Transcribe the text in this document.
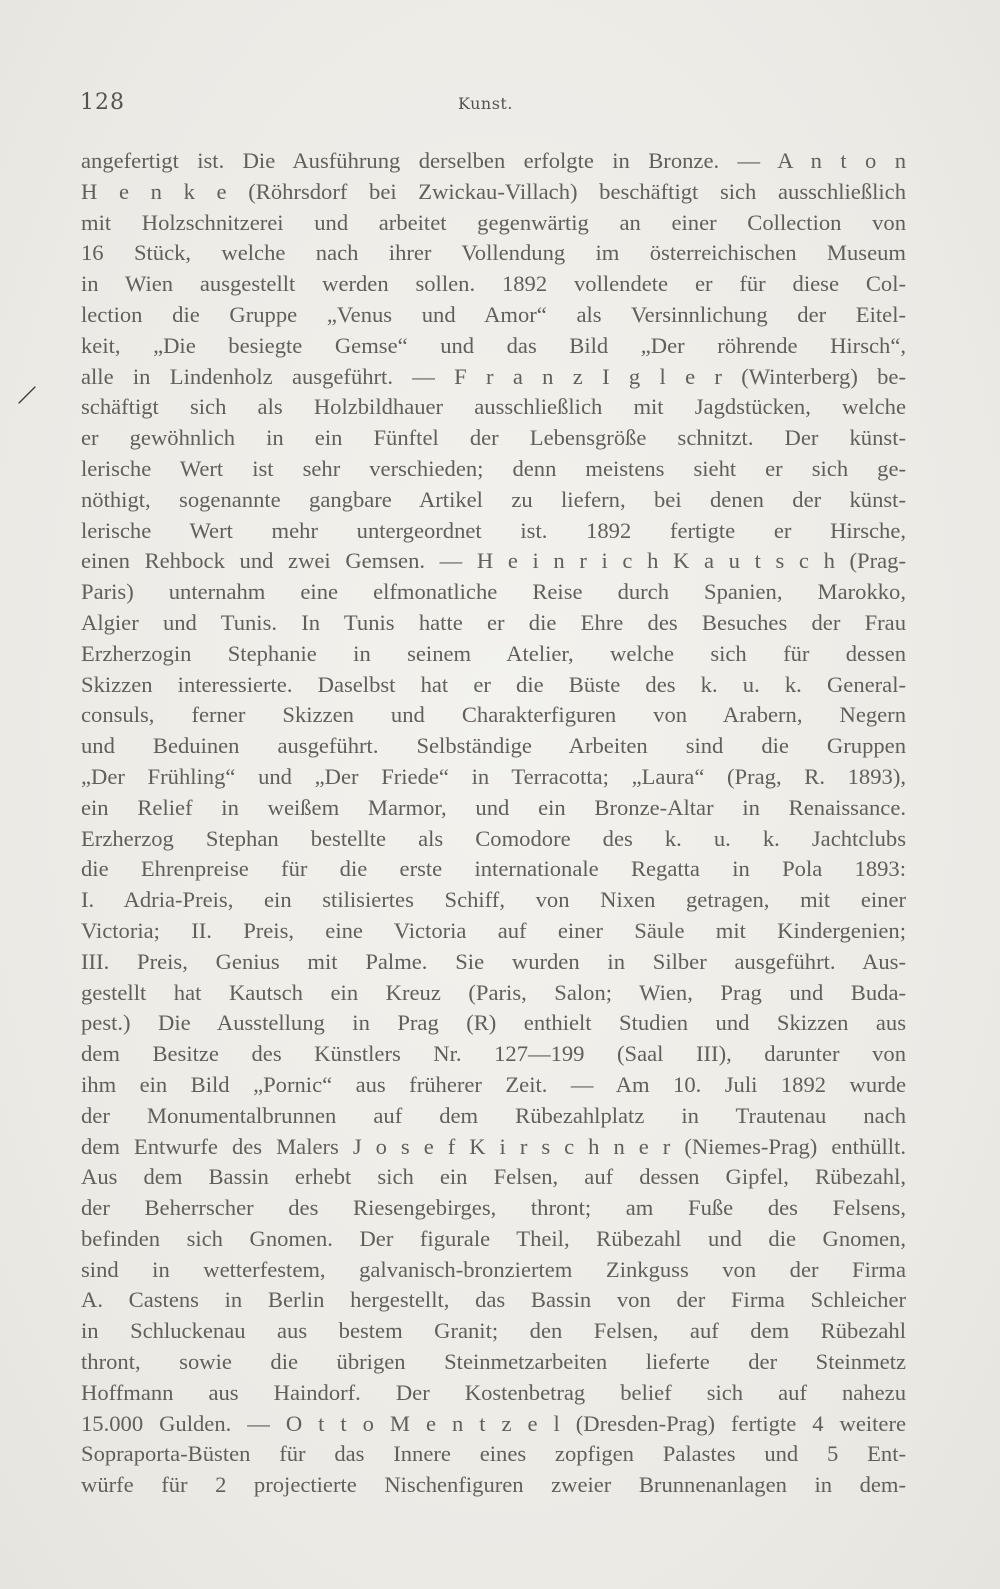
128	Kunst.
angefertigt ist. Die Ausführung derselben erfolgte in Bronze. — A n t o n
H e n k e (Röhrsdorf bei Zwickau-Villach) beschäftigt sich ausschließlich
mit Holzschnitzerei und arbeitet gegenwärtig an einer Collection von
16 Stück, welche nach ihrer Vollendung im österreichischen Museum
in Wien ausgestellt werden sollen. 1892 vollendete er für diese Col-
lection die Gruppe „Venus und Amor“ als Versinnlichung der Eitel-
keit, „Die besiegte Gemse“ und das Bild „Der röhrende Hirsch“,
alle in Lindenholz ausgeführt. — F r a n z I g l e r (Winterberg) be-
schäftigt sich als Holzbildhauer ausschließlich mit Jagdstücken, welche
er gewöhnlich in ein Fünftel der Lebensgröße schnitzt. Der künst-
lerische Wert ist sehr verschieden; denn meistens sieht er sich ge-
nöthigt, sogenannte gangbare Artikel zu liefern, bei denen der künst-
lerische Wert mehr untergeordnet ist. 1892 fertigte er Hirsche,
einen Rehbock und zwei Gemsen. — H e i n r i c h K a u t s c h (Prag-
Paris) unternahm eine elfmonatliche Reise durch Spanien, Marokko,
Algier und Tunis. In Tunis hatte er die Ehre des Besuches der Frau
Erzherzogin Stephanie in seinem Atelier, welche sich für dessen
Skizzen interessierte. Daselbst hat er die Büste des k. u. k. General-
consuls, ferner Skizzen und Charakterfiguren von Arabern, Negern
und Beduinen ausgeführt. Selbständige Arbeiten sind die Gruppen
„Der Frühling“ und „Der Friede“ in Terracotta; „Laura“ (Prag, R. 1893),
ein Relief in weißem Marmor, und ein Bronze-Altar in Renaissance.
Erzherzog Stephan bestellte als Comodore des k. u. k. Jachtclubs
die Ehrenpreise für die erste internationale Regatta in Pola 1893:
I. Adria-Preis, ein stilisiertes Schiff, von Nixen getragen, mit einer
Victoria; II. Preis, eine Victoria auf einer Säule mit Kindergenien;
III. Preis, Genius mit Palme. Sie wurden in Silber ausgeführt. Aus-
gestellt hat Kautsch ein Kreuz (Paris, Salon; Wien, Prag und Buda-
pest.) Die Ausstellung in Prag (R) enthielt Studien und Skizzen aus
dem Besitze des Künstlers Nr. 127—199 (Saal III), darunter von
ihm ein Bild „Pornic“ aus früherer Zeit. — Am 10. Juli 1892 wurde
der Monumentalbrunnen auf dem Rübezahlplatz in Trautenau nach
dem Entwurfe des Malers J o s e f K i r s c h n e r (Niemes-Prag) enthüllt.
Aus dem Bassin erhebt sich ein Felsen, auf dessen Gipfel, Rübezahl,
der Beherrscher des Riesengebirges, thront; am Fuße des Felsens,
befinden sich Gnomen. Der figurale Theil, Rübezahl und die Gnomen,
sind in wetterfestem, galvanisch-bronziertem Zinkguss von der Firma
A. Castens in Berlin hergestellt, das Bassin von der Firma Schleicher
in Schluckenau aus bestem Granit; den Felsen, auf dem Rübezahl
thront, sowie die übrigen Steinmetzarbeiten lieferte der Steinmetz
Hoffmann aus Haindorf. Der Kostenbetrag belief sich auf nahezu
15.000 Gulden. — O t t o M e n t z e l (Dresden-Prag) fertigte 4 weitere
Sopraporta-Büsten für das Innere eines zopfigen Palastes und 5 Ent-
würfe für 2 projectierte Nischenfiguren zweier Brunnenanlagen in dem-
